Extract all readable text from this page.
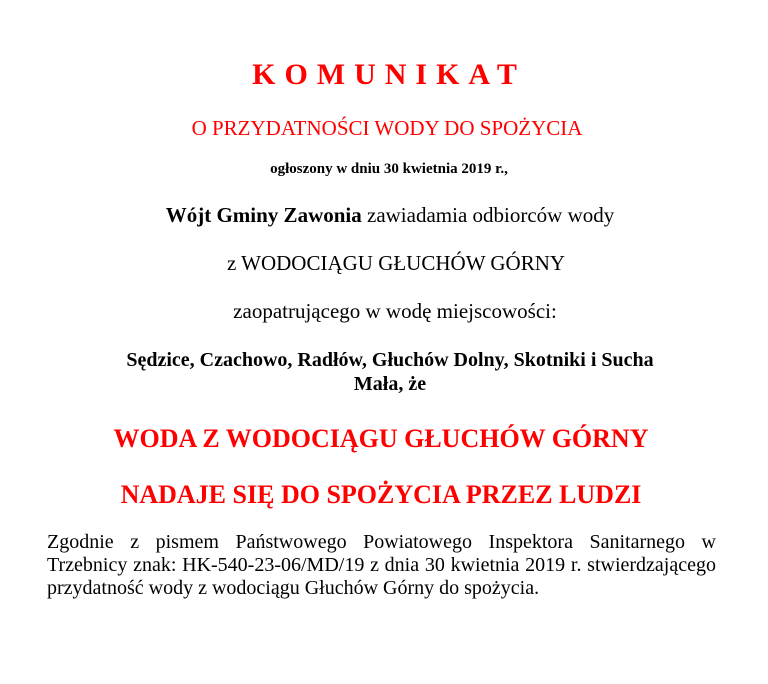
KOMUNIKAT
O PRZYDATNOŚCI WODY DO SPOŻYCIA
ogłoszony w dniu 30 kwietnia 2019 r.,
Wójt Gminy Zawonia zawiadamia odbiorców wody
z WODOCIĄGU GŁUCHÓW GÓRNY
zaopatrującego w wodę miejscowości:
Sędzice, Czachowo, Radłów, Głuchów Dolny, Skotniki i Sucha
Mała, że
WODA Z WODOCIĄGU GŁUCHÓW GÓRNY
NADAJE SIĘ DO SPOŻYCIA PRZEZ LUDZI
Zgodnie z pismem Państwowego Powiatowego Inspektora Sanitarnego w Trzebnicy znak: HK-540-23-06/MD/19 z dnia 30 kwietnia 2019 r. stwierdzającego przydatność wody z wodociągu Głuchów Górny do spożycia.
